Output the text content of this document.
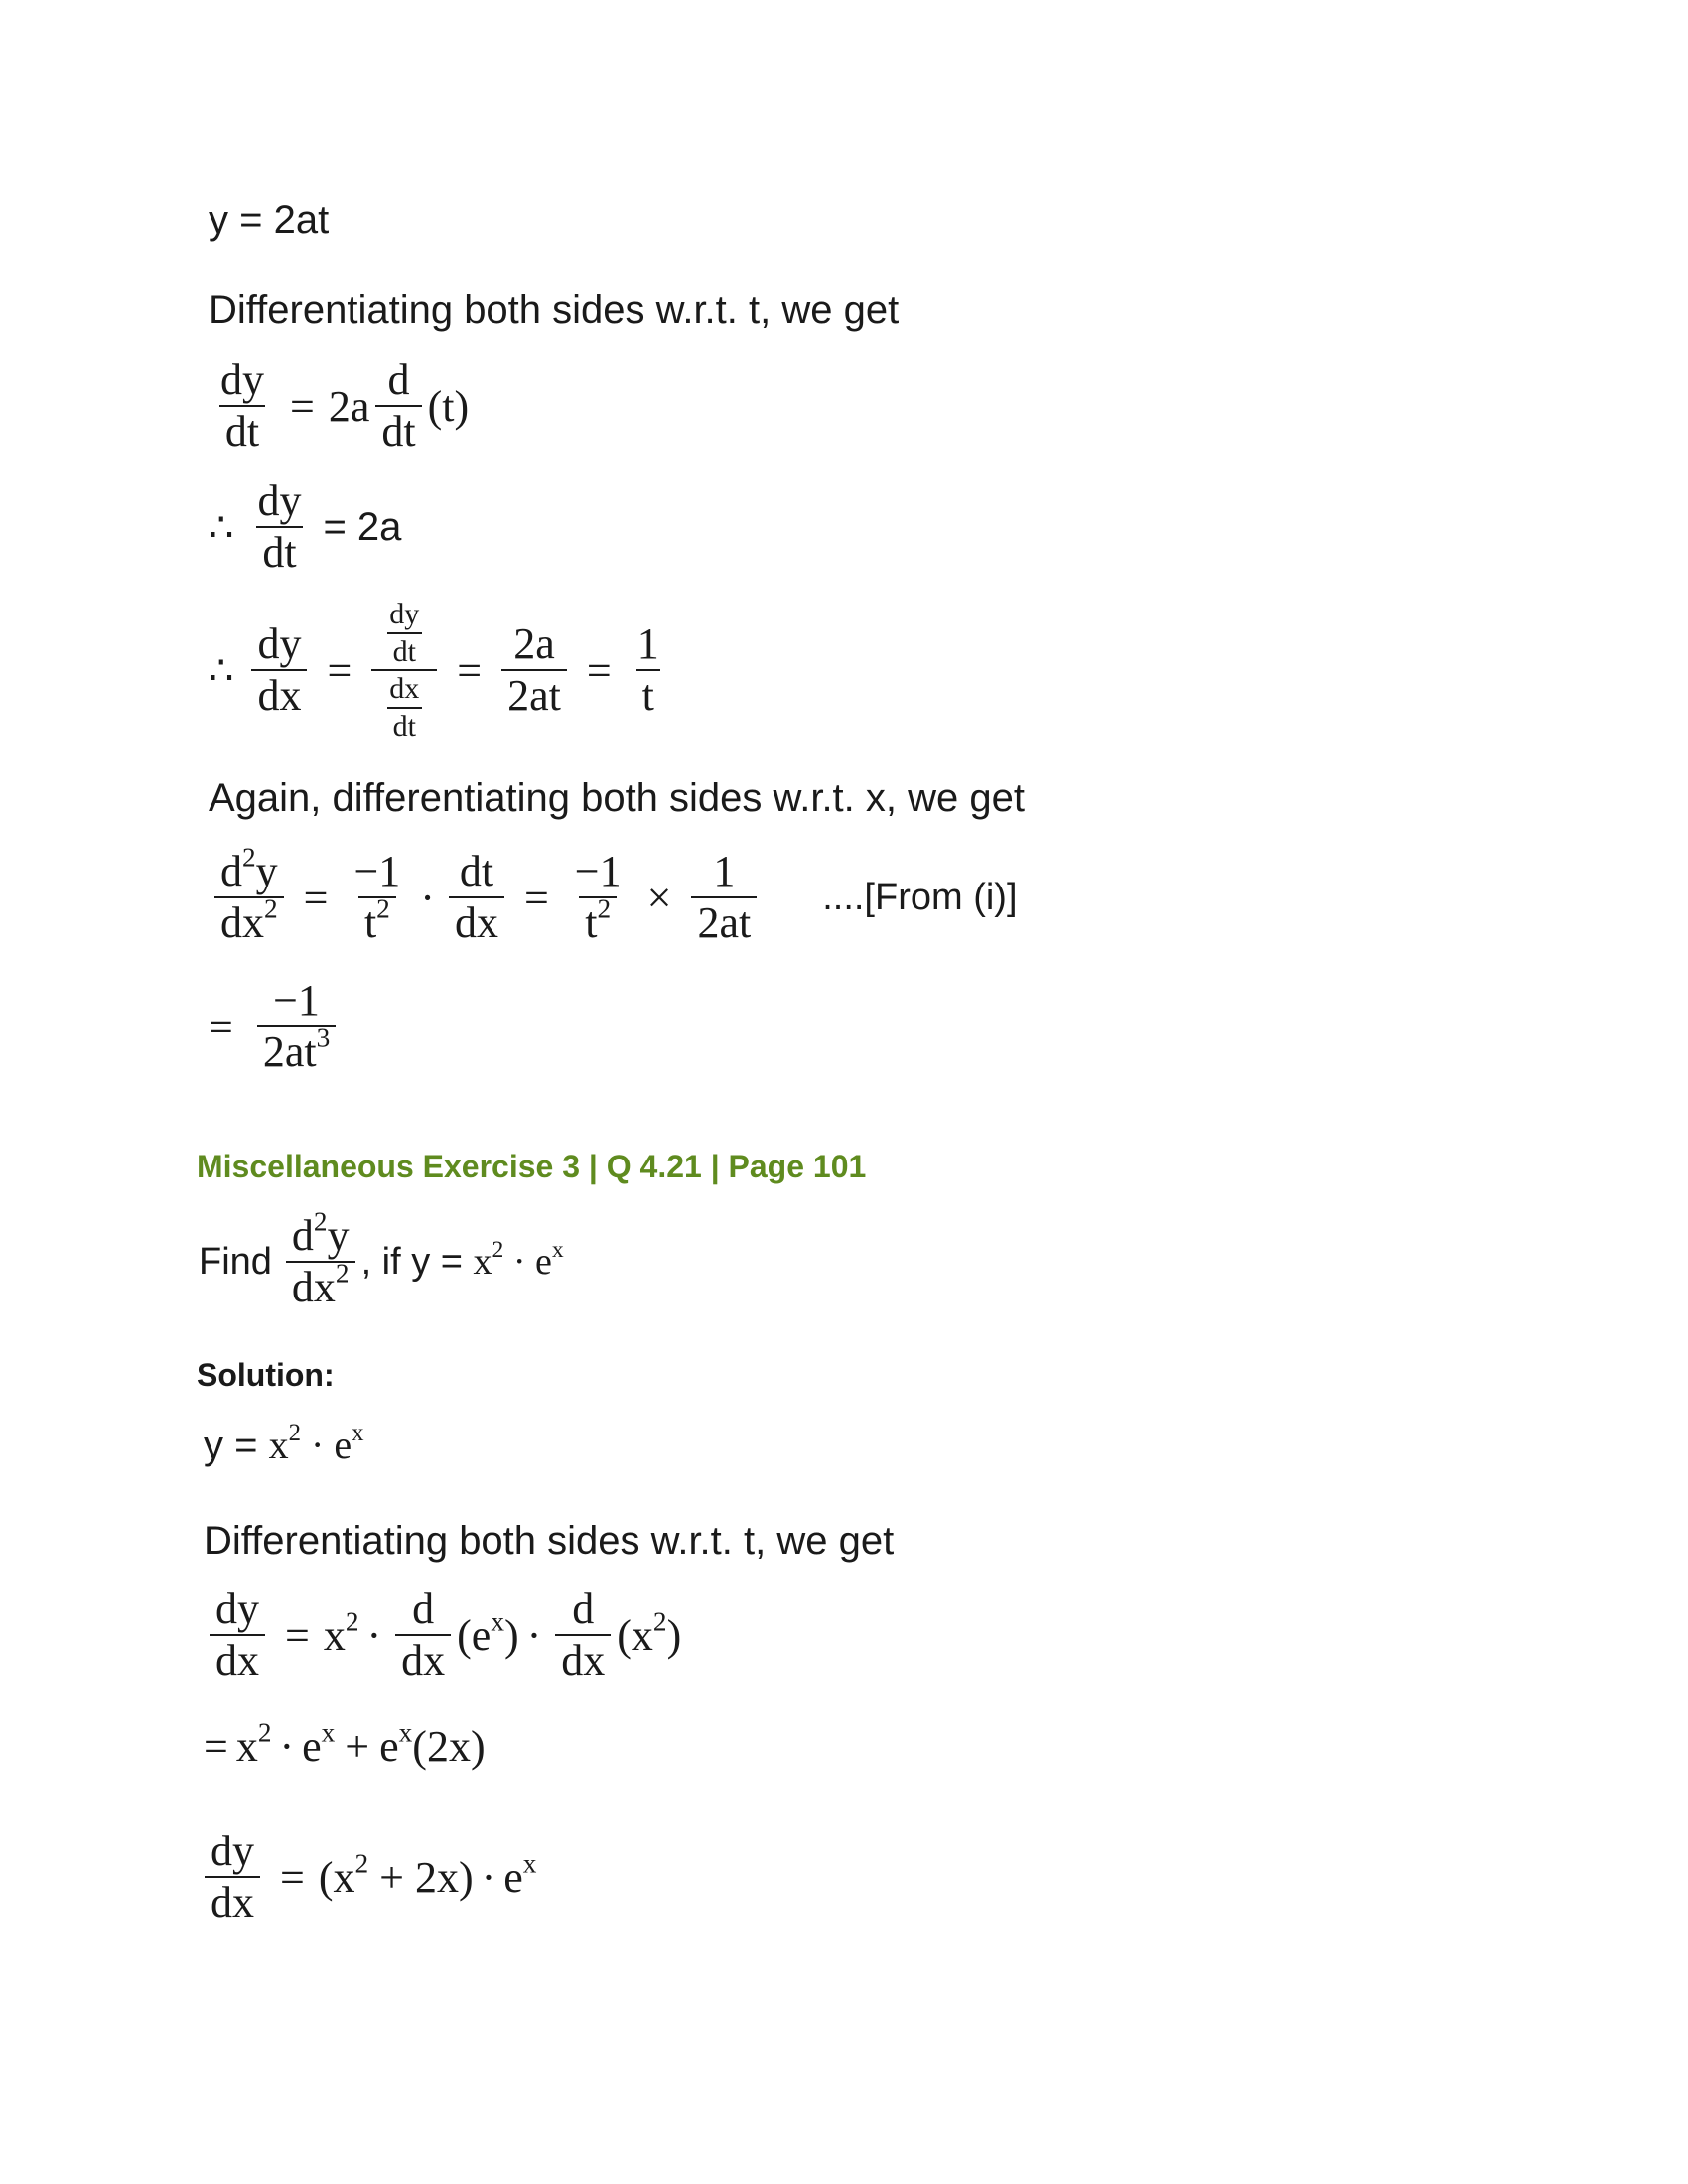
y = 2at
Differentiating both sides w.r.t. t, we get
$\frac{dy}{dt} = 2a \frac{d}{dt} (t)$
∴ $\frac{dy}{dt} = 2a$
∴ $\frac{dy}{dx} = \frac{\frac{dy}{dt}}{\frac{dx}{dt}} = \frac{2a}{2at} = \frac{1}{t}$
Again, differentiating both sides w.r.t. x, we get
$\frac{d^2y}{dx^2} = \frac{-1}{t^2} \cdot \frac{dt}{dx} = \frac{-1}{t^2} \times \frac{1}{2at}$ ....[From (i)]
= $\frac{-1}{2at^3}$
Miscellaneous Exercise 3 | Q 4.21 | Page 101
Find $\frac{d^2y}{dx^2}$ , if $y = x^2 \cdot e^x$
Solution:
$y = x^2 \cdot e^x$
Differentiating both sides w.r.t. t, we get
$\frac{dy}{dx} = x^2 \cdot \frac{d}{dx} (e^x) \cdot \frac{d}{dx} (x^2)$
= $x^2 \cdot e^x + e^x(2x)$
$\frac{dy}{dx} = (x^2 + 2x) \cdot e^x$
